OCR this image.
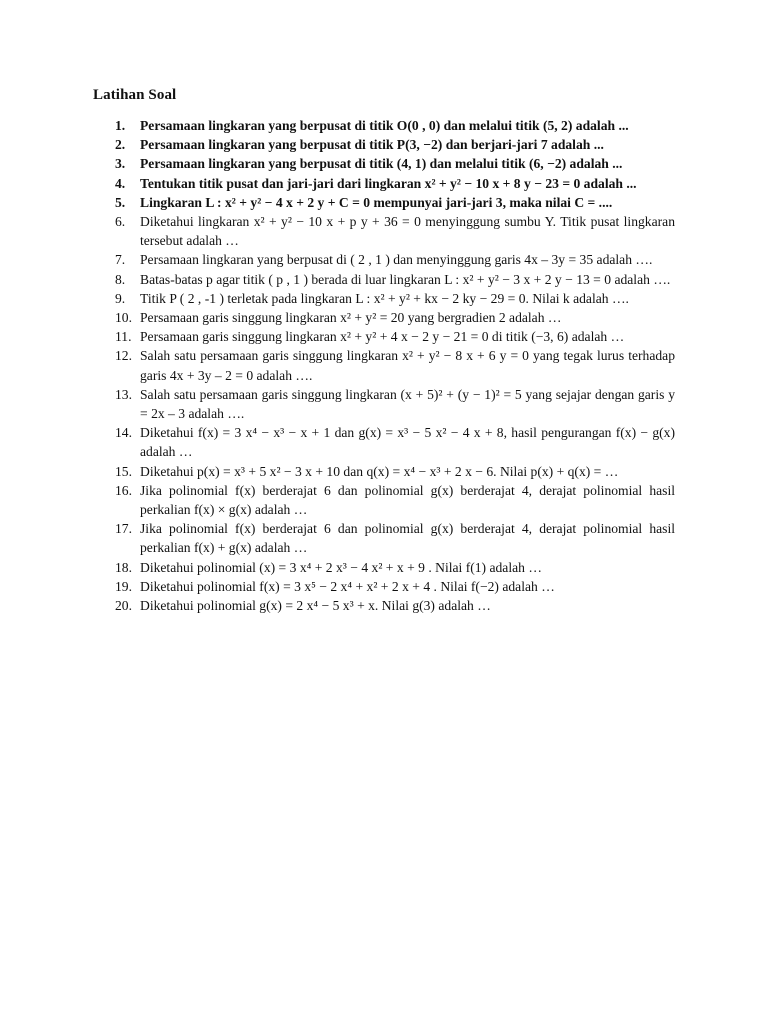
Latihan Soal
1.	Persamaan lingkaran yang berpusat di titik O(0 , 0) dan melalui titik (5, 2) adalah ...
2.	Persamaan lingkaran yang berpusat di titik P(3, −2) dan berjari-jari 7 adalah ...
3.	Persamaan lingkaran yang berpusat di titik (4, 1) dan melalui titik (6, −2) adalah ...
4.	Tentukan titik pusat dan jari-jari dari lingkaran x² + y² − 10 x + 8 y − 23 = 0 adalah ...
5.	Lingkaran L : x² + y² − 4 x + 2 y + C = 0 mempunyai jari-jari 3, maka nilai C = ....
6.	Diketahui lingkaran x² + y² − 10 x + p y + 36 = 0 menyinggung sumbu Y. Titik pusat lingkaran tersebut adalah …
7.	Persamaan lingkaran yang berpusat di ( 2 , 1 ) dan menyinggung garis 4x – 3y = 35 adalah ….
8.	Batas-batas p agar titik ( p , 1 ) berada di luar lingkaran L : x² + y² − 3 x + 2 y − 13 = 0 adalah ….
9.	Titik P ( 2 , -1 ) terletak pada lingkaran L : x² + y² + kx − 2 ky − 29 = 0. Nilai k adalah ….
10. Persamaan garis singgung lingkaran x² + y² = 20 yang bergradien 2 adalah …
11. Persamaan garis singgung lingkaran x² + y² + 4 x − 2 y − 21 = 0 di titik (−3, 6) adalah …
12. Salah satu persamaan garis singgung lingkaran x² + y² − 8 x + 6 y = 0 yang tegak lurus terhadap garis 4x + 3y – 2 = 0 adalah ….
13. Salah satu persamaan garis singgung lingkaran (x + 5)² + (y − 1)² = 5 yang sejajar dengan garis y = 2x – 3 adalah ….
14. Diketahui f(x) = 3 x⁴ − x³ − x + 1 dan g(x) = x³ − 5 x² − 4 x + 8, hasil pengurangan f(x) − g(x) adalah …
15. Diketahui p(x) = x³ + 5 x² − 3 x + 10 dan q(x) = x⁴ − x³ + 2 x − 6. Nilai p(x) + q(x) = …
16. Jika polinomial f(x) berderajat 6 dan polinomial g(x) berderajat 4, derajat polinomial hasil perkalian f(x) × g(x) adalah …
17. Jika polinomial f(x) berderajat 6 dan polinomial g(x) berderajat 4, derajat polinomial hasil perkalian f(x) + g(x) adalah …
18. Diketahui polinomial (x) = 3 x⁴ + 2 x³ − 4 x² + x + 9 . Nilai f(1) adalah …
19. Diketahui polinomial f(x) = 3 x⁵ − 2 x⁴ + x² + 2 x + 4 . Nilai f(−2) adalah …
20. Diketahui polinomial g(x) = 2 x⁴ − 5 x³ + x. Nilai g(3) adalah …
